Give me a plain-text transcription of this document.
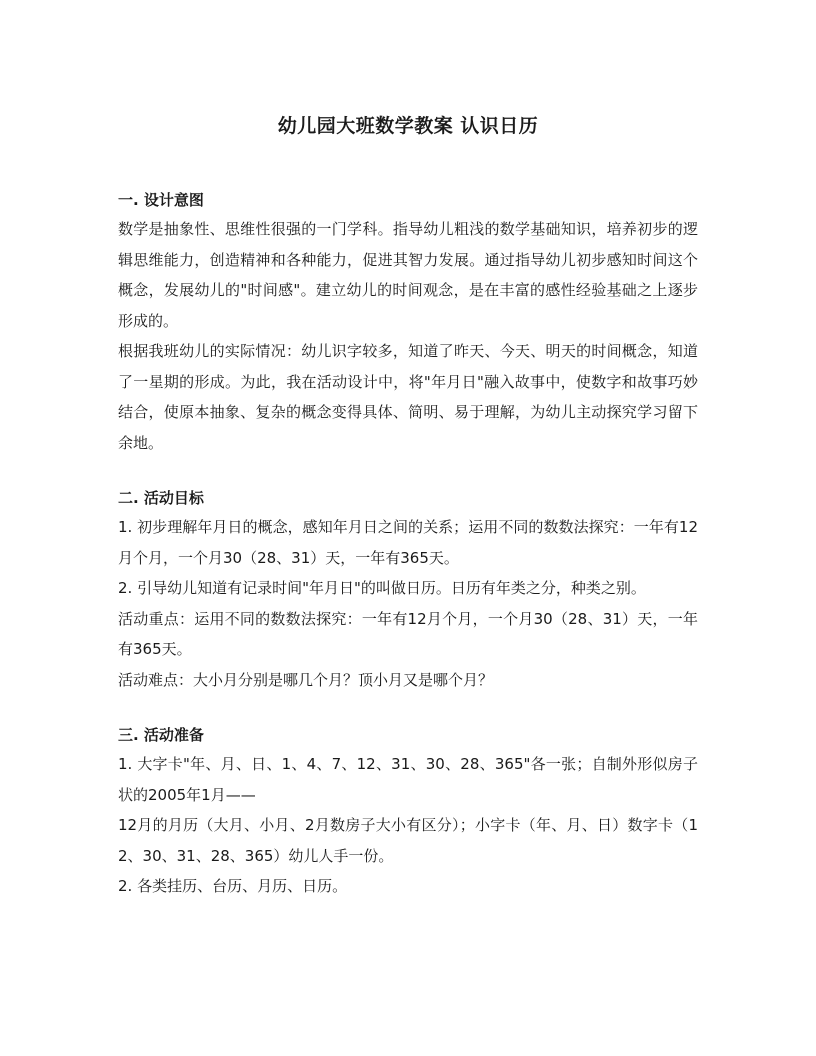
幼儿园大班数学教案 认识日历
一. 设计意图

数学是抽象性、思维性很强的一门学科。指导幼儿粗浅的数学基础知识，培养初步的逻辑思维能力，创造精神和各种能力，促进其智力发展。通过指导幼儿初步感知时间这个概念，发展幼儿的"时间感"。建立幼儿的时间观念，是在丰富的感性经验基础之上逐步形成的。

根据我班幼儿的实际情况：幼儿识字较多，知道了昨天、今天、明天的时间概念，知道了一星期的形成。为此，我在活动设计中，将"年月日"融入故事中，使数字和故事巧妙结合，使原本抽象、复杂的概念变得具体、简明、易于理解，为幼儿主动探究学习留下余地。

二. 活动目标

1. 初步理解年月日的概念，感知年月日之间的关系；运用不同的数数法探究：一年有12月个月，一个月30（28、31）天，一年有365天。

2. 引导幼儿知道有记录时间"年月日"的叫做日历。日历有年类之分，种类之别。

活动重点：运用不同的数数法探究：一年有12月个月，一个月30（28、31）天，一年有365天。

活动难点：大小月分别是哪几个月？顶小月又是哪个月？

三. 活动准备

1. 大字卡"年、月、日、1、4、7、12、31、30、28、365"各一张；自制外形似房子状的2005年1月——

12月的月历（大月、小月、2月数房子大小有区分）；小字卡（年、月、日）数字卡（12、30、31、28、365）幼儿人手一份。

2. 各类挂历、台历、月历、日历。
